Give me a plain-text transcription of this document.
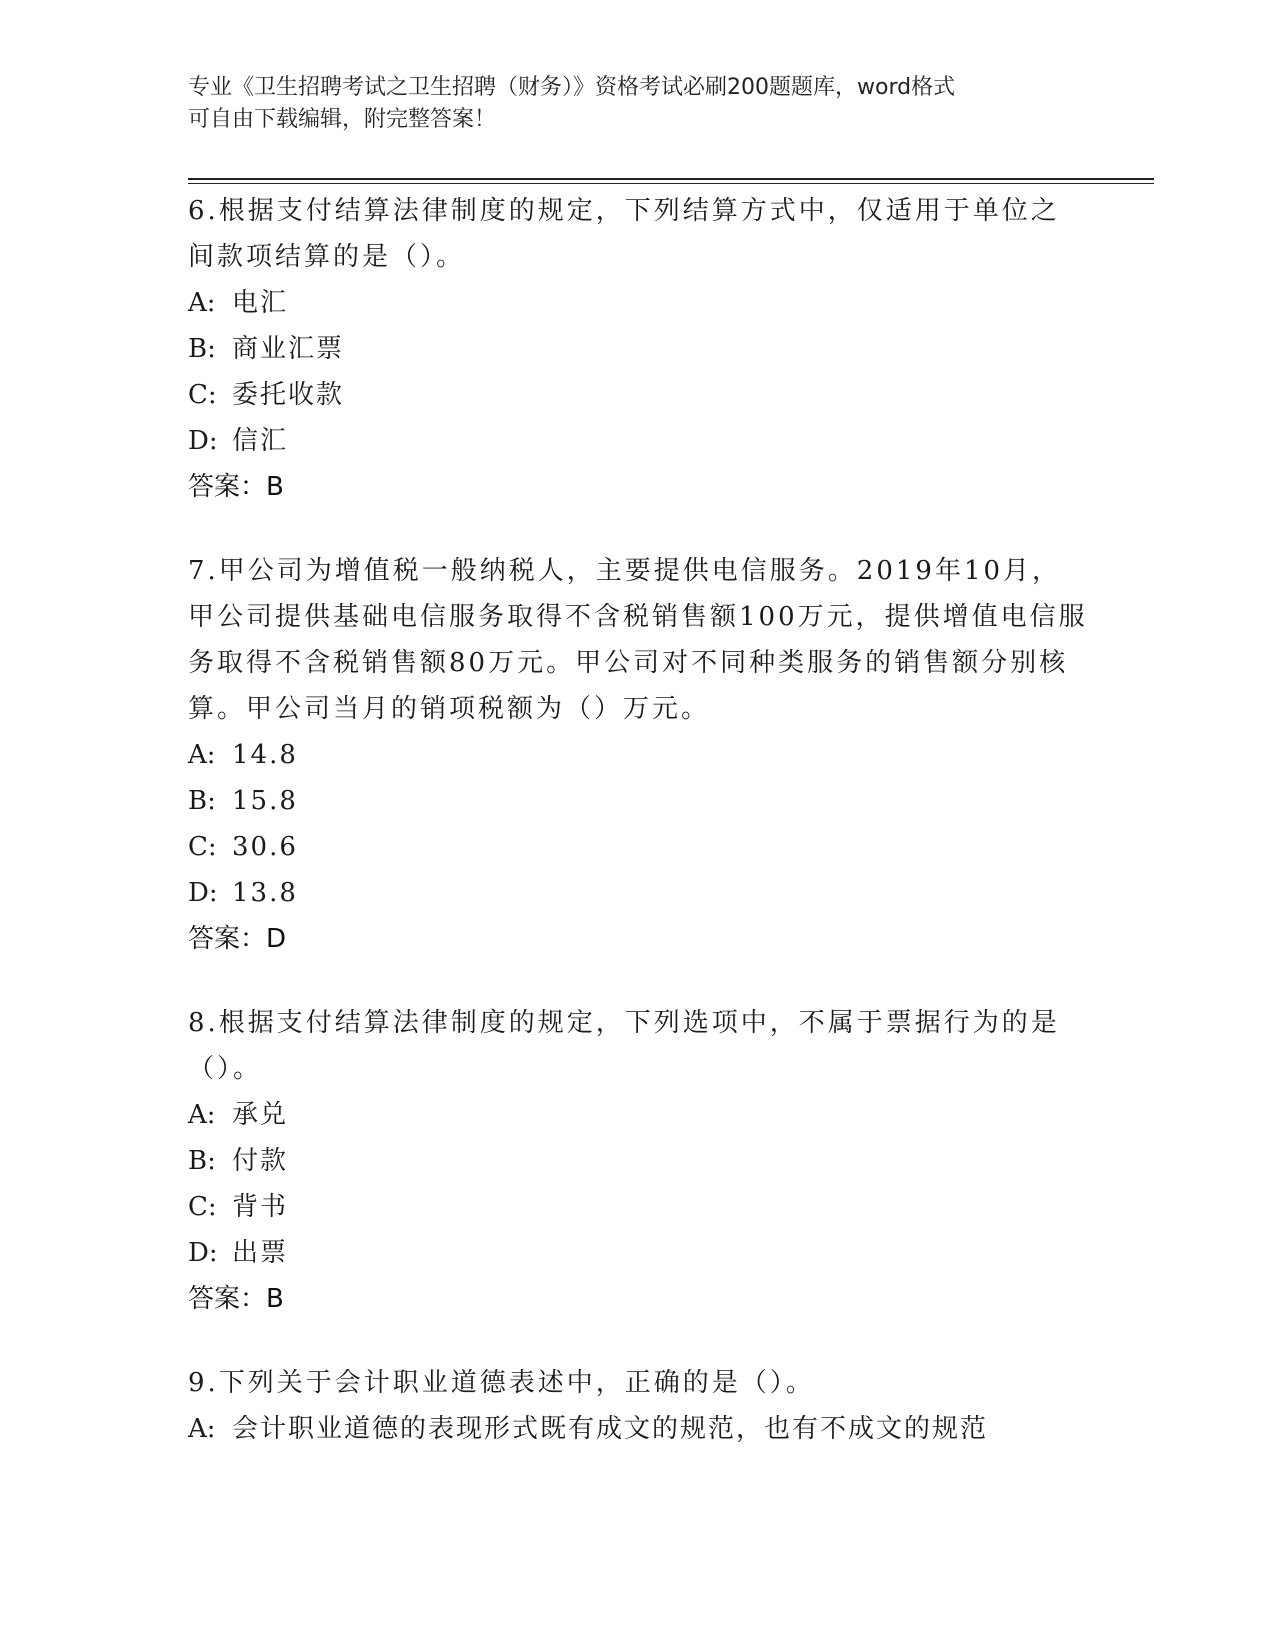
专业《卫生招聘考试之卫生招聘（财务）》资格考试必刷200题题库，word格式
可自由下载编辑，附完整答案！

6.根据支付结算法律制度的规定，下列结算方式中，仅适用于单位之间款项结算的是（）。

A: 电汇

B: 商业汇票

C: 委托收款

D: 信汇

答案：B

7.甲公司为增值税一般纳税人，主要提供电信服务。2019年10月，甲公司提供基础电信服务取得不含税销售额100万元，提供增值电信服务取得不含税销售额80万元。甲公司对不同种类服务的销售额分别核算。甲公司当月的销项税额为（）万元。

A: 14.8

B: 15.8

C: 30.6

D: 13.8

答案：D

8.根据支付结算法律制度的规定，下列选项中，不属于票据行为的是（）。

A: 承兑

B: 付款

C: 背书

D: 出票

答案：B

9.下列关于会计职业道德表述中，正确的是（）。

A: 会计职业道德的表现形式既有成文的规范，也有不成文的规范
